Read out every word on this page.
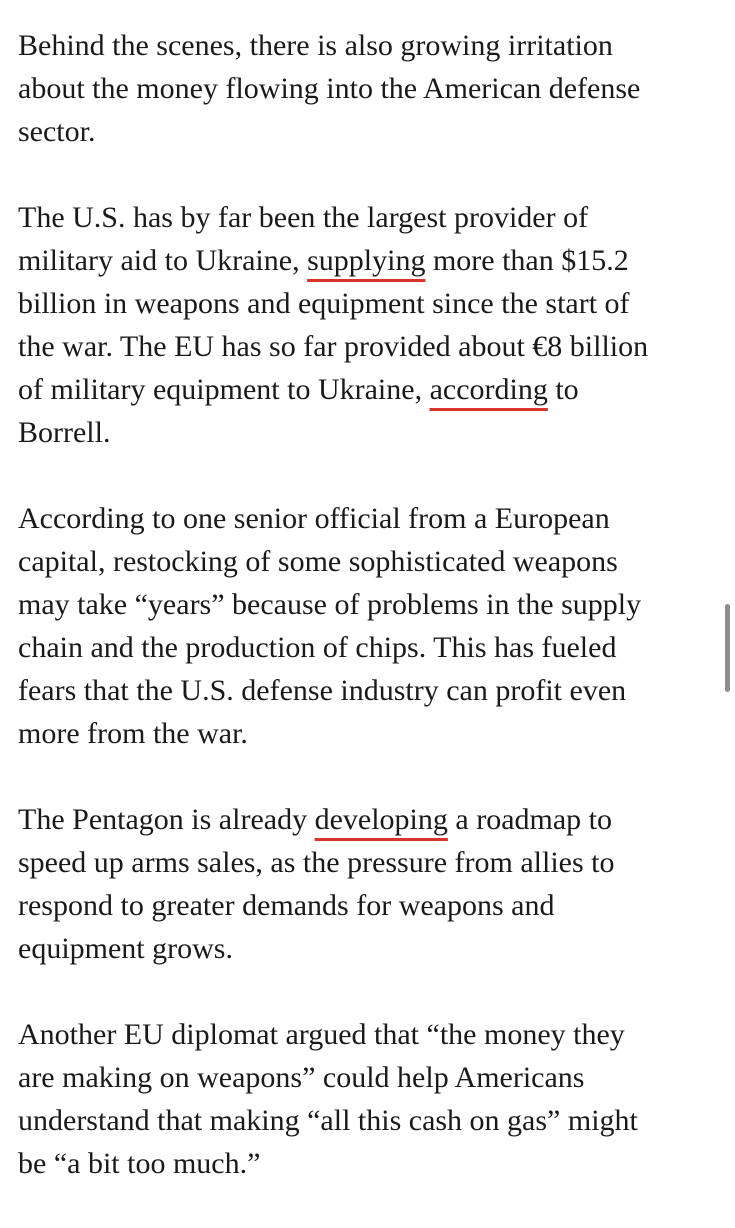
Behind the scenes, there is also growing irritation
about the money flowing into the American defense
sector.

The U.S. has by far been the largest provider of
military aid to Ukraine, supplying more than $15.2
billion in weapons and equipment since the start of
the war. The EU has so far provided about €8 billion
of military equipment to Ukraine, according to
Borrell.

According to one senior official from a European
capital, restocking of some sophisticated weapons
may take “years” because of problems in the supply
chain and the production of chips. This has fueled
fears that the U.S. defense industry can profit even
more from the war.

The Pentagon is already developing a roadmap to
speed up arms sales, as the pressure from allies to
respond to greater demands for weapons and
equipment grows.

Another EU diplomat argued that “the money they
are making on weapons” could help Americans
understand that making “all this cash on gas” might
be “a bit too much.”
